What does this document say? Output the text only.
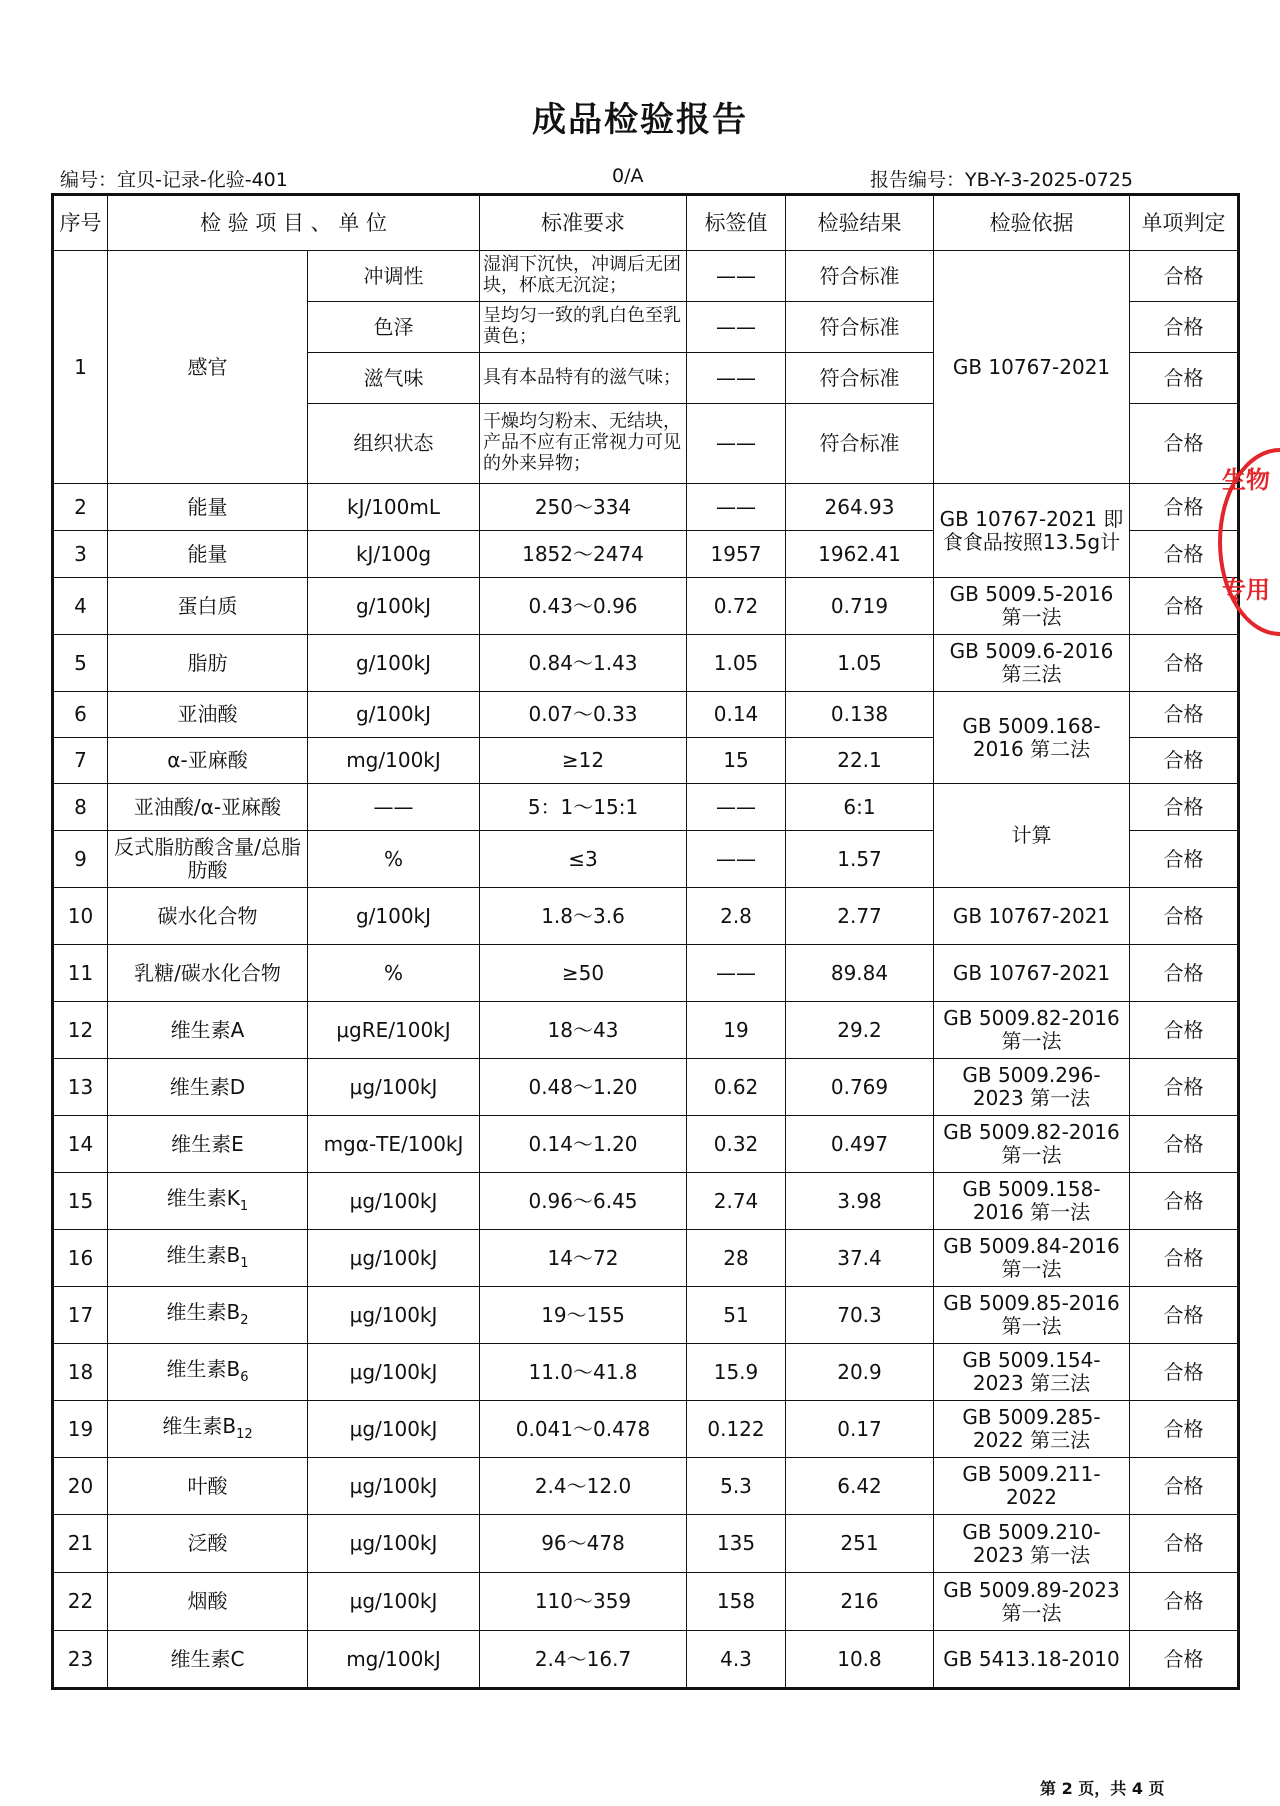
成品检验报告
编号：宜贝-记录-化验-401	0/A	报告编号：YB-Y-3-2025-0725
序号	检 验 项 目 、 单 位		标准要求	标签值	检验结果	检验依据	单项判定
1	感官	冲调性	湿润下沉快，冲调后无团块，杯底无沉淀；	——	符合标准	GB 10767-2021	合格
		色泽	呈均匀一致的乳白色至乳黄色；	——	符合标准		合格
		滋气味	具有本品特有的滋气味；	——	符合标准		合格
		组织状态	干燥均匀粉末、无结块，产品不应有正常视力可见的外来异物；	——	符合标准		合格
2	能量	kJ/100mL	250～334	——	264.93	GB 10767-2021 即食食品按照13.5g计	合格
3	能量	kJ/100g	1852～2474	1957	1962.41		合格
4	蛋白质	g/100kJ	0.43～0.96	0.72	0.719	GB 5009.5-2016 第一法	合格
5	脂肪	g/100kJ	0.84～1.43	1.05	1.05	GB 5009.6-2016 第三法	合格
6	亚油酸	g/100kJ	0.07～0.33	0.14	0.138	GB 5009.168-2016 第二法	合格
7	α-亚麻酸	mg/100kJ	≥12	15	22.1		合格
8	亚油酸/α-亚麻酸	——	5：1～15:1	——	6:1	计算	合格
9	反式脂肪酸含量/总脂肪酸	%	≤3	——	1.57		合格
10	碳水化合物	g/100kJ	1.8～3.6	2.8	2.77	GB 10767-2021	合格
11	乳糖/碳水化合物	%	≥50	——	89.84	GB 10767-2021	合格
12	维生素A	μgRE/100kJ	18～43	19	29.2	GB 5009.82-2016 第一法	合格
13	维生素D	μg/100kJ	0.48～1.20	0.62	0.769	GB 5009.296-2023 第一法	合格
14	维生素E	mgα-TE/100kJ	0.14～1.20	0.32	0.497	GB 5009.82-2016 第一法	合格
15	维生素$K_1$	μg/100kJ	0.96～6.45	2.74	3.98	GB 5009.158-2016 第一法	合格
16	维生素$B_1$	μg/100kJ	14～72	28	37.4	GB 5009.84-2016 第一法	合格
17	维生素$B_2$	μg/100kJ	19～155	51	70.3	GB 5009.85-2016 第一法	合格
18	维生素$B_6$	μg/100kJ	11.0～41.8	15.9	20.9	GB 5009.154-2023 第三法	合格
19	维生素$B_{12}$	μg/100kJ	0.041～0.478	0.122	0.17	GB 5009.285-2022 第三法	合格
20	叶酸	μg/100kJ	2.4～12.0	5.3	6.42	GB 5009.211-2022	合格
21	泛酸	μg/100kJ	96～478	135	251	GB 5009.210-2023 第一法	合格
22	烟酸	μg/100kJ	110～359	158	216	GB 5009.89-2023 第一法	合格
23	维生素C	mg/100kJ	2.4～16.7	4.3	10.8	GB 5413.18-2010	合格
生物
专用
第 2 页，共 4 页
